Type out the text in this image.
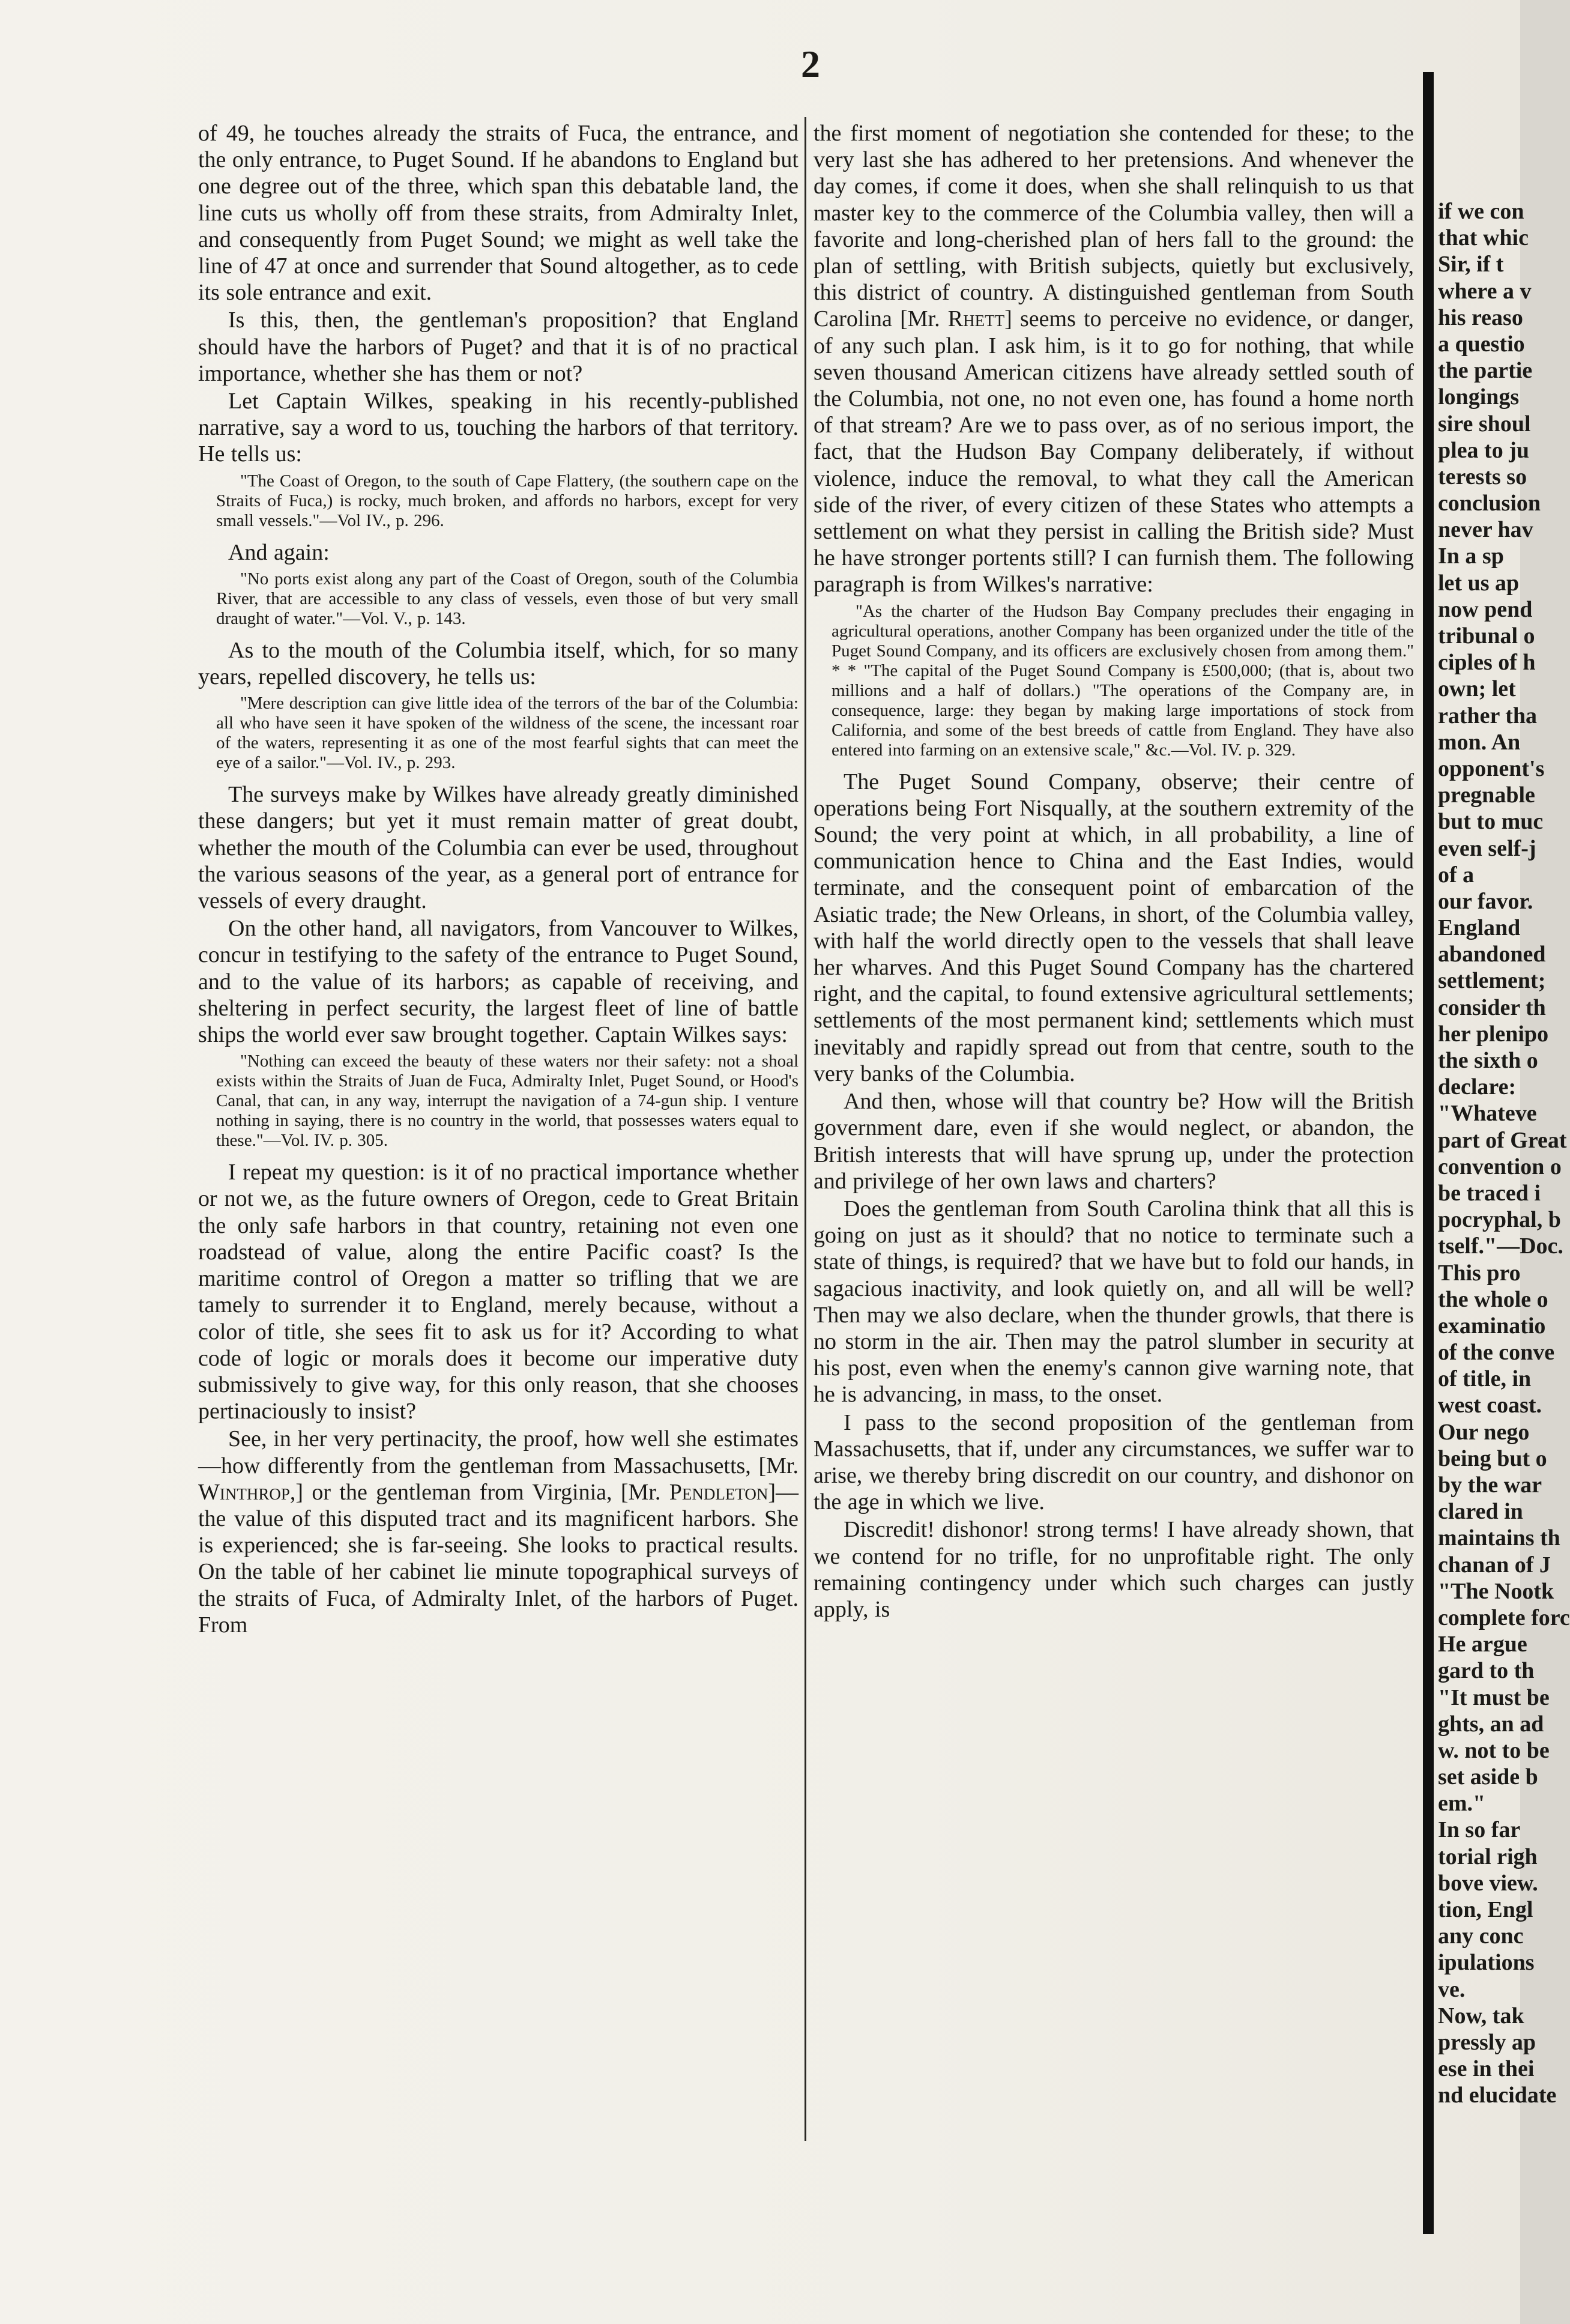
2

of 49, he touches already the straits of Fuca, the entrance, and the only entrance, to Puget Sound. If he abandons to England but one degree out of the three, which span this debatable land, the line cuts us wholly off from these straits, from Admiralty Inlet, and consequently from Puget Sound; we might as well take the line of 47 at once and surrender that Sound altogether, as to cede its sole entrance and exit.

Is this, then, the gentleman's proposition? that England should have the harbors of Puget? and that it is of no practical importance, whether she has them or not?

Let Captain Wilkes, speaking in his recently-published narrative, say a word to us, touching the harbors of that territory. He tells us:

"The Coast of Oregon, to the south of Cape Flattery, (the southern cape on the Straits of Fuca,) is rocky, much broken, and affords no harbors, except for very small vessels."—Vol IV., p. 296.

And again:

"No ports exist along any part of the Coast of Oregon, south of the Columbia River, that are accessible to any class of vessels, even those of but very small draught of water."—Vol. V., p. 143.

As to the mouth of the Columbia itself, which, for so many years, repelled discovery, he tells us:

"Mere description can give little idea of the terrors of the bar of the Columbia: all who have seen it have spoken of the wildness of the scene, the incessant roar of the waters, representing it as one of the most fearful sights that can meet the eye of a sailor."—Vol. IV., p. 293.

The surveys make by Wilkes have already greatly diminished these dangers; but yet it must remain matter of great doubt, whether the mouth of the Columbia can ever be used, throughout the various seasons of the year, as a general port of entrance for vessels of every draught.

On the other hand, all navigators, from Vancouver to Wilkes, concur in testifying to the safety of the entrance to Puget Sound, and to the value of its harbors; as capable of receiving, and sheltering in perfect security, the largest fleet of line of battle ships the world ever saw brought together. Captain Wilkes says:

"Nothing can exceed the beauty of these waters nor their safety: not a shoal exists within the Straits of Juan de Fuca, Admiralty Inlet, Puget Sound, or Hood's Canal, that can, in any way, interrupt the navigation of a 74-gun ship. I venture nothing in saying, there is no country in the world, that possesses waters equal to these."—Vol. IV. p. 305.

I repeat my question: is it of no practical importance whether or not we, as the future owners of Oregon, cede to Great Britain the only safe harbors in that country, retaining not even one roadstead of value, along the entire Pacific coast? Is the maritime control of Oregon a matter so trifling that we are tamely to surrender it to England, merely because, without a color of title, she sees fit to ask us for it? According to what code of logic or morals does it become our imperative duty submissively to give way, for this only reason, that she chooses pertinaciously to insist?

See, in her very pertinacity, the proof, how well she estimates—how differently from the gentleman from Massachusetts, [Mr. Winthrop,] or the gentleman from Virginia, [Mr. Pendleton]—the value of this disputed tract and its magnificent harbors. She is experienced; she is far-seeing. She looks to practical results. On the table of her cabinet lie minute topographical surveys of the straits of Fuca, of Admiralty Inlet, of the harbors of Puget. From

the first moment of negotiation she contended for these; to the very last she has adhered to her pretensions. And whenever the day comes, if come it does, when she shall relinquish to us that master key to the commerce of the Columbia valley, then will a favorite and long-cherished plan of hers fall to the ground: the plan of settling, with British subjects, quietly but exclusively, this district of country. A distinguished gentleman from South Carolina [Mr. Rhett] seems to perceive no evidence, or danger, of any such plan. I ask him, is it to go for nothing, that while seven thousand American citizens have already settled south of the Columbia, not one, no not even one, has found a home north of that stream? Are we to pass over, as of no serious import, the fact, that the Hudson Bay Company deliberately, if without violence, induce the removal, to what they call the American side of the river, of every citizen of these States who attempts a settlement on what they persist in calling the British side? Must he have stronger portents still? I can furnish them. The following paragraph is from Wilkes's narrative:

"As the charter of the Hudson Bay Company precludes their engaging in agricultural operations, another Company has been organized under the title of the Puget Sound Company, and its officers are exclusively chosen from among them." * * "The capital of the Puget Sound Company is £500,000; (that is, about two millions and a half of dollars.) "The operations of the Company are, in consequence, large: they began by making large importations of stock from California, and some of the best breeds of cattle from England. They have also entered into farming on an extensive scale," &c.—Vol. IV. p. 329.

The Puget Sound Company, observe; their centre of operations being Fort Nisqually, at the southern extremity of the Sound; the very point at which, in all probability, a line of communication hence to China and the East Indies, would terminate, and the consequent point of embarcation of the Asiatic trade; the New Orleans, in short, of the Columbia valley, with half the world directly open to the vessels that shall leave her wharves. And this Puget Sound Company has the chartered right, and the capital, to found extensive agricultural settlements; settlements of the most permanent kind; settlements which must inevitably and rapidly spread out from that centre, south to the very banks of the Columbia.

And then, whose will that country be? How will the British government dare, even if she would neglect, or abandon, the British interests that will have sprung up, under the protection and privilege of her own laws and charters?

Does the gentleman from South Carolina think that all this is going on just as it should? that no notice to terminate such a state of things, is required? that we have but to fold our hands, in sagacious inactivity, and look quietly on, and all will be well? Then may we also declare, when the thunder growls, that there is no storm in the air. Then may the patrol slumber in security at his post, even when the enemy's cannon give warning note, that he is advancing, in mass, to the onset.

I pass to the second proposition of the gentleman from Massachusetts, that if, under any circumstances, we suffer war to arise, we thereby bring discredit on our country, and dishonor on the age in which we live.

Discredit! dishonor! strong terms! I have already shown, that we contend for no trifle, for no unprofitable right. The only remaining contingency under which such charges can justly apply, is

if we con
that whic
Sir, if t
where a v
his reaso
a questio
the partie
longings
sire shoul
plea to ju
terests so
conclusion
never hav
In a sp
let us ap
now pend
tribunal o
ciples of h
own; let
rather tha
mon. An
opponent's
pregnable
but to muc
even self-j
of a
our favor.
England
abandoned
settlement;
consider th
her plenipo
the sixth o
declare:
"Whateve
part of Great
convention o
be traced i
pocryphal, b
tself."—Doc.
This pro
the whole o
examinatio
of the conve
of title, in
west coast.
Our nego
being but o
by the war
clared in
maintains th
chanan of J
"The Nootk
complete forc
He argue
gard to th
"It must be
ghts, an ad
w. not to be
set aside b
em."
In so far
torial righ
bove view.
tion, Engl
any conc
ipulations
ve.
Now, tak
pressly ap
ese in thei
nd elucidate
